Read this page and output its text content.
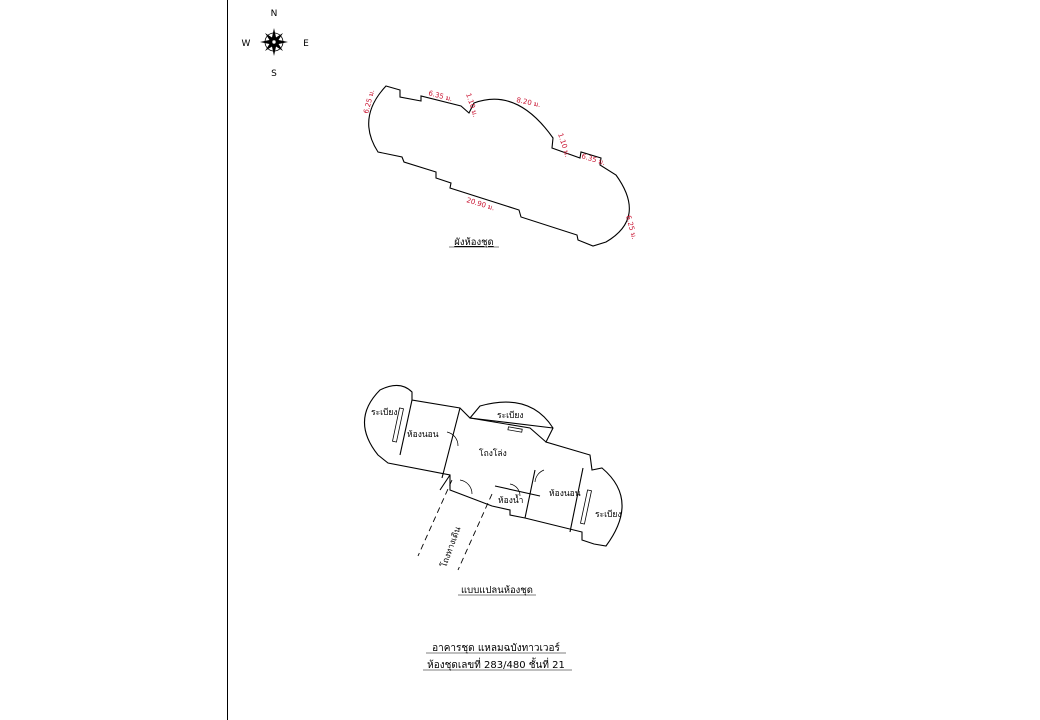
N
E
S
W
6.25 ม.	6.35 ม. 1.10 ม.	8.20 ม.
1.10 ม.
6.35 ม.
6.25 ม.
20.90 ม.
ผังห้องชุด
ระเบียง
ห้องนอน
ระเบียง
โถงโล่ง
ห้องนอน
ห้องน้ำ
ระเบียง
โถงทางเดิน
แบบแปลนห้องชุด
อาคารชุด แหลมฉบังทาวเวอร์
ห้องชุดเลขที่ 283/480 ชั้นที่ 21
